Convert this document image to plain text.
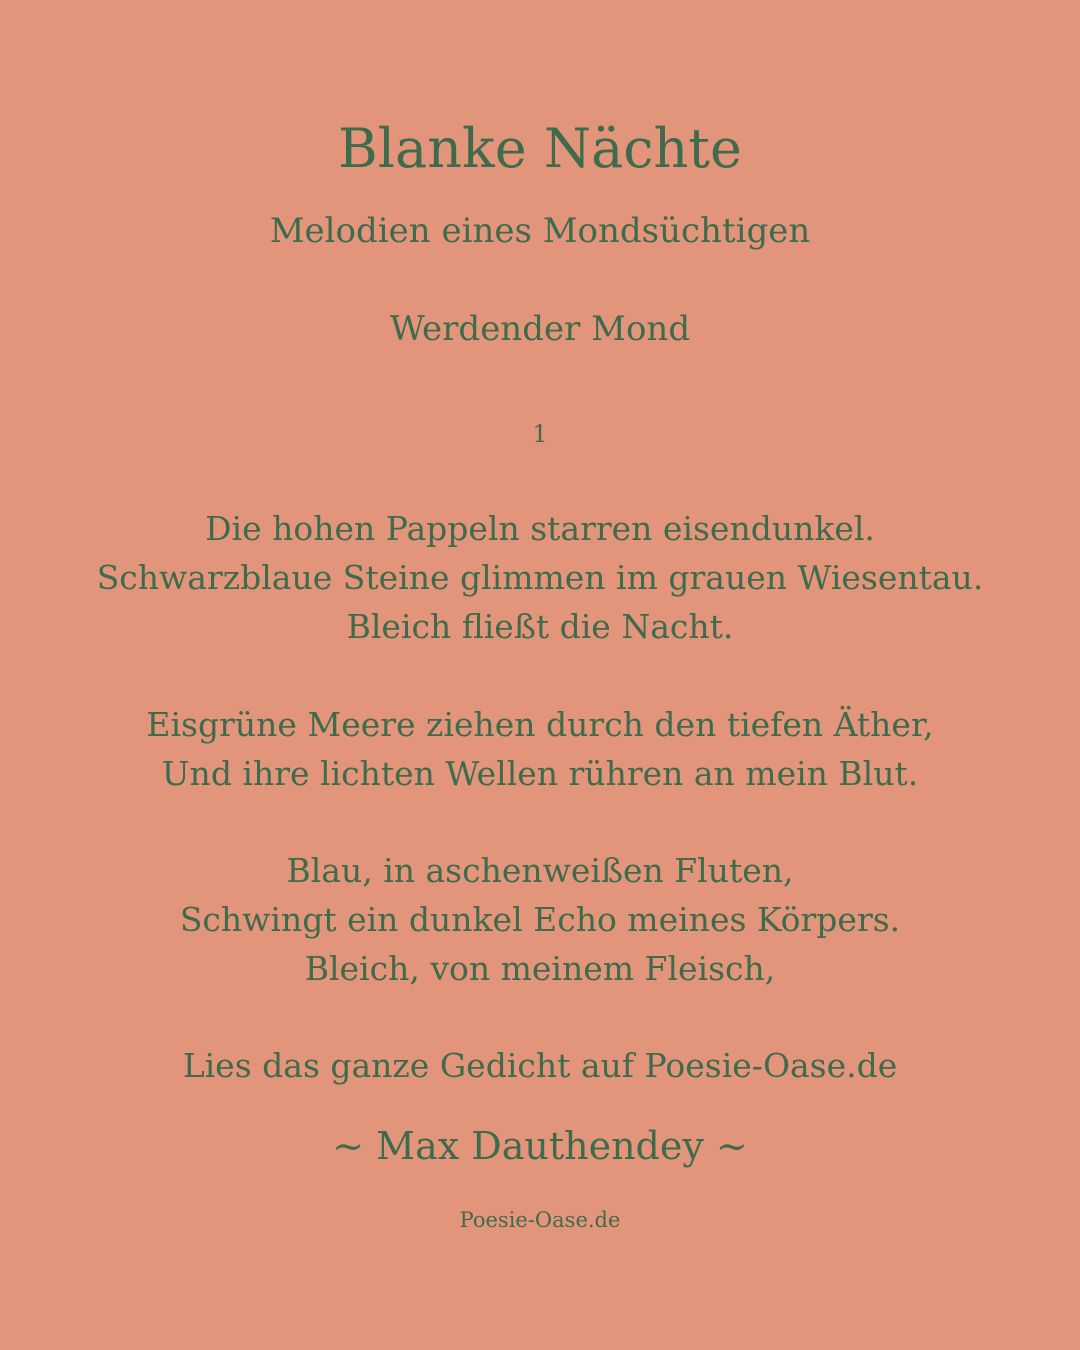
Blanke Nächte
Melodien eines Mondsüchtigen
Werdender Mond
1
Die hohen Pappeln starren eisendunkel.
Schwarzblaue Steine glimmen im grauen Wiesentau.
Bleich fließt die Nacht.
Eisgrüne Meere ziehen durch den tiefen Äther,
Und ihre lichten Wellen rühren an mein Blut.
Blau, in aschenweißen Fluten,
Schwingt ein dunkel Echo meines Körpers.
Bleich, von meinem Fleisch,
Lies das ganze Gedicht auf Poesie-Oase.de
~ Max Dauthendey ~
Poesie-Oase.de
